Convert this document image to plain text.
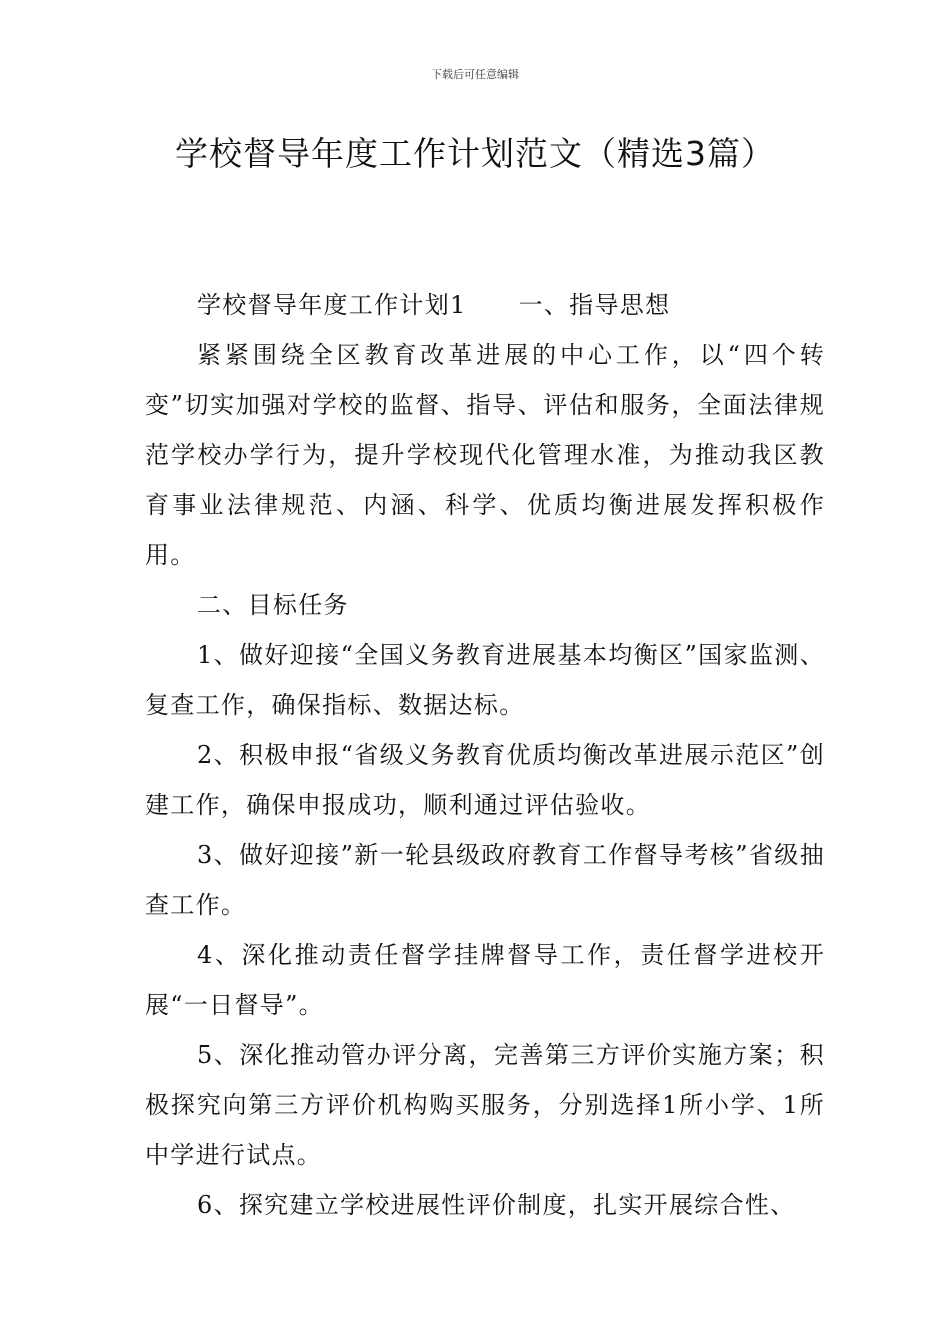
下载后可任意编辑
学校督导年度工作计划范文（精选3篇）

学校督导年度工作计划1 一、指导思想

紧紧围绕全区教育改革进展的中心工作，以“四个转变”切实加强对学校的监督、指导、评估和服务，全面法律规范学校办学行为，提升学校现代化管理水准，为推动我区教育事业法律规范、内涵、科学、优质均衡进展发挥积极作用。

二、目标任务

1、做好迎接“全国义务教育进展基本均衡区”国家监测、复查工作，确保指标、数据达标。

2、积极申报“省级义务教育优质均衡改革进展示范区”创建工作，确保申报成功，顺利通过评估验收。

3、做好迎接”新一轮县级政府教育工作督导考核”省级抽查工作。

4、深化推动责任督学挂牌督导工作，责任督学进校开展“一日督导”。

5、深化推动管办评分离，完善第三方评价实施方案；积极探究向第三方评价机构购买服务，分别选择1所小学、1所中学进行试点。

6、探究建立学校进展性评价制度，扎实开展综合性、
